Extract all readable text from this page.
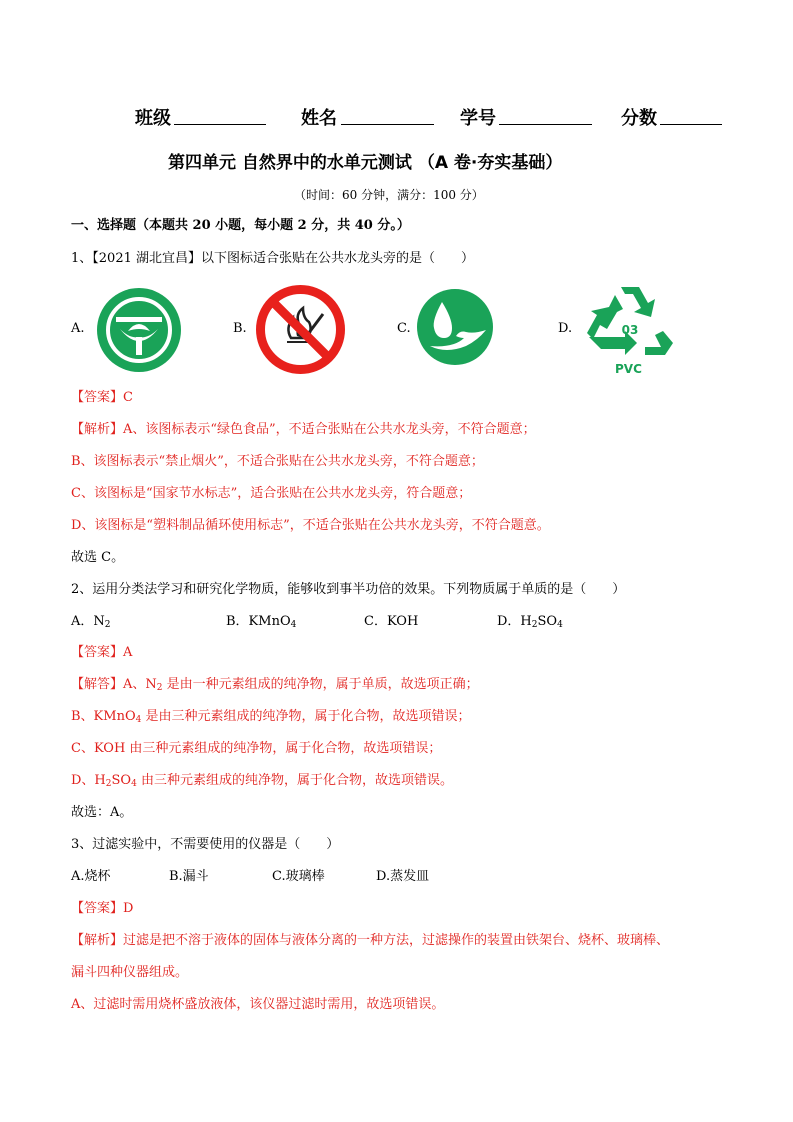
班级	姓名	学号	分数
第四单元 自然界中的水单元测试 （A 卷·夯实基础）
（时间：60 分钟，满分：100 分）
一、选择题（本题共 20 小题，每小题 2 分，共 40 分。）
1、【2021 湖北宜昌】以下图标适合张贴在公共水龙头旁的是（　　）
A.	B.	C.	D.	03
PVC
【答案】C
【解析】A、该图标表示“绿色食品”，不适合张贴在公共水龙头旁，不符合题意；
B、该图标表示“禁止烟火”，不适合张贴在公共水龙头旁，不符合题意；
C、该图标是“国家节水标志”，适合张贴在公共水龙头旁，符合题意；
D、该图标是“塑料制品循环使用标志”，不适合张贴在公共水龙头旁，不符合题意。
故选 C。
2、运用分类法学习和研究化学物质，能够收到事半功倍的效果。下列物质属于单质的是（　　）
A．$N_2$	B．KMnO$_4$	C．KOH	D．$H_2SO_4$
【答案】A
【解答】A、$N_2$ 是由一种元素组成的纯净物，属于单质，故选项正确；
B、KMnO$_4$ 是由三种元素组成的纯净物，属于化合物，故选项错误；
C、KOH 由三种元素组成的纯净物，属于化合物，故选项错误；
D、$H_2SO_4$ 由三种元素组成的纯净物，属于化合物，故选项错误。
故选：A。
3、过滤实验中，不需要使用的仪器是（　　）
A.烧杯	B.漏斗	C.玻璃棒	D.蒸发皿
【答案】D
【解析】过滤是把不溶于液体的固体与液体分离的一种方法，过滤操作的装置由铁架台、烧杯、玻璃棒、
漏斗四种仪器组成。
A、过滤时需用烧杯盛放液体，该仪器过滤时需用，故选项错误。
